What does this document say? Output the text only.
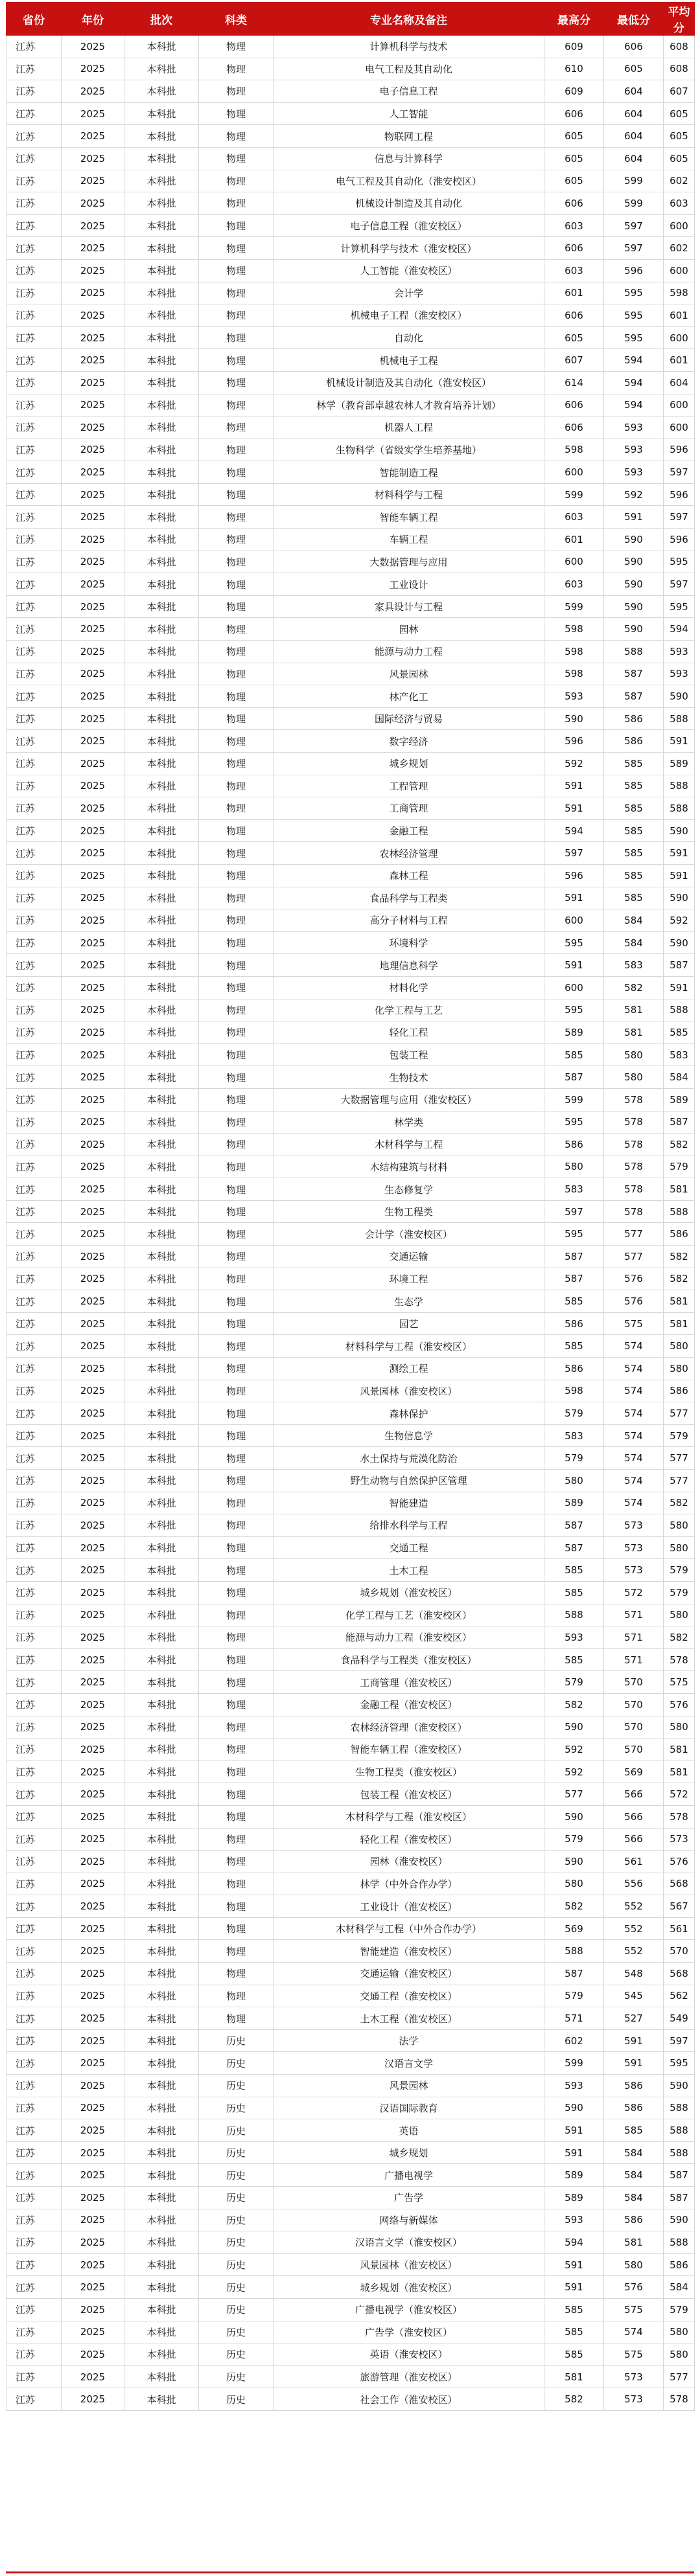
省份	年份	批次	科类	专业名称及备注	最高分	最低分	平均分
江苏	2025	本科批	物理	计算机科学与技术	609	606	608
江苏	2025	本科批	物理	电气工程及其自动化	610	605	608
江苏	2025	本科批	物理	电子信息工程	609	604	607
江苏	2025	本科批	物理	人工智能	606	604	605
江苏	2025	本科批	物理	物联网工程	605	604	605
江苏	2025	本科批	物理	信息与计算科学	605	604	605
江苏	2025	本科批	物理	电气工程及其自动化（淮安校区）	605	599	602
江苏	2025	本科批	物理	机械设计制造及其自动化	606	599	603
江苏	2025	本科批	物理	电子信息工程（淮安校区）	603	597	600
江苏	2025	本科批	物理	计算机科学与技术（淮安校区）	606	597	602
江苏	2025	本科批	物理	人工智能（淮安校区）	603	596	600
江苏	2025	本科批	物理	会计学	601	595	598
江苏	2025	本科批	物理	机械电子工程（淮安校区）	606	595	601
江苏	2025	本科批	物理	自动化	605	595	600
江苏	2025	本科批	物理	机械电子工程	607	594	601
江苏	2025	本科批	物理	机械设计制造及其自动化（淮安校区）	614	594	604
江苏	2025	本科批	物理	林学（教育部卓越农林人才教育培养计划）	606	594	600
江苏	2025	本科批	物理	机器人工程	606	593	600
江苏	2025	本科批	物理	生物科学（省级实学生培养基地）	598	593	596
江苏	2025	本科批	物理	智能制造工程	600	593	597
江苏	2025	本科批	物理	材料科学与工程	599	592	596
江苏	2025	本科批	物理	智能车辆工程	603	591	597
江苏	2025	本科批	物理	车辆工程	601	590	596
江苏	2025	本科批	物理	大数据管理与应用	600	590	595
江苏	2025	本科批	物理	工业设计	603	590	597
江苏	2025	本科批	物理	家具设计与工程	599	590	595
江苏	2025	本科批	物理	园林	598	590	594
江苏	2025	本科批	物理	能源与动力工程	598	588	593
江苏	2025	本科批	物理	风景园林	598	587	593
江苏	2025	本科批	物理	林产化工	593	587	590
江苏	2025	本科批	物理	国际经济与贸易	590	586	588
江苏	2025	本科批	物理	数字经济	596	586	591
江苏	2025	本科批	物理	城乡规划	592	585	589
江苏	2025	本科批	物理	工程管理	591	585	588
江苏	2025	本科批	物理	工商管理	591	585	588
江苏	2025	本科批	物理	金融工程	594	585	590
江苏	2025	本科批	物理	农林经济管理	597	585	591
江苏	2025	本科批	物理	森林工程	596	585	591
江苏	2025	本科批	物理	食品科学与工程类	591	585	590
江苏	2025	本科批	物理	高分子材料与工程	600	584	592
江苏	2025	本科批	物理	环境科学	595	584	590
江苏	2025	本科批	物理	地理信息科学	591	583	587
江苏	2025	本科批	物理	材料化学	600	582	591
江苏	2025	本科批	物理	化学工程与工艺	595	581	588
江苏	2025	本科批	物理	轻化工程	589	581	585
江苏	2025	本科批	物理	包装工程	585	580	583
江苏	2025	本科批	物理	生物技术	587	580	584
江苏	2025	本科批	物理	大数据管理与应用（淮安校区）	599	578	589
江苏	2025	本科批	物理	林学类	595	578	587
江苏	2025	本科批	物理	木材科学与工程	586	578	582
江苏	2025	本科批	物理	木结构建筑与材料	580	578	579
江苏	2025	本科批	物理	生态修复学	583	578	581
江苏	2025	本科批	物理	生物工程类	597	578	588
江苏	2025	本科批	物理	会计学（淮安校区）	595	577	586
江苏	2025	本科批	物理	交通运输	587	577	582
江苏	2025	本科批	物理	环境工程	587	576	582
江苏	2025	本科批	物理	生态学	585	576	581
江苏	2025	本科批	物理	园艺	586	575	581
江苏	2025	本科批	物理	材料科学与工程（淮安校区）	585	574	580
江苏	2025	本科批	物理	测绘工程	586	574	580
江苏	2025	本科批	物理	风景园林（淮安校区）	598	574	586
江苏	2025	本科批	物理	森林保护	579	574	577
江苏	2025	本科批	物理	生物信息学	583	574	579
江苏	2025	本科批	物理	水土保持与荒漠化防治	579	574	577
江苏	2025	本科批	物理	野生动物与自然保护区管理	580	574	577
江苏	2025	本科批	物理	智能建造	589	574	582
江苏	2025	本科批	物理	给排水科学与工程	587	573	580
江苏	2025	本科批	物理	交通工程	587	573	580
江苏	2025	本科批	物理	土木工程	585	573	579
江苏	2025	本科批	物理	城乡规划（淮安校区）	585	572	579
江苏	2025	本科批	物理	化学工程与工艺（淮安校区）	588	571	580
江苏	2025	本科批	物理	能源与动力工程（淮安校区）	593	571	582
江苏	2025	本科批	物理	食品科学与工程类（淮安校区）	585	571	578
江苏	2025	本科批	物理	工商管理（淮安校区）	579	570	575
江苏	2025	本科批	物理	金融工程（淮安校区）	582	570	576
江苏	2025	本科批	物理	农林经济管理（淮安校区）	590	570	580
江苏	2025	本科批	物理	智能车辆工程（淮安校区）	592	570	581
江苏	2025	本科批	物理	生物工程类（淮安校区）	592	569	581
江苏	2025	本科批	物理	包装工程（淮安校区）	577	566	572
江苏	2025	本科批	物理	木材科学与工程（淮安校区）	590	566	578
江苏	2025	本科批	物理	轻化工程（淮安校区）	579	566	573
江苏	2025	本科批	物理	园林（淮安校区）	590	561	576
江苏	2025	本科批	物理	林学（中外合作办学）	580	556	568
江苏	2025	本科批	物理	工业设计（淮安校区）	582	552	567
江苏	2025	本科批	物理	木材科学与工程（中外合作办学）	569	552	561
江苏	2025	本科批	物理	智能建造（淮安校区）	588	552	570
江苏	2025	本科批	物理	交通运输（淮安校区）	587	548	568
江苏	2025	本科批	物理	交通工程（淮安校区）	579	545	562
江苏	2025	本科批	物理	土木工程（淮安校区）	571	527	549
江苏	2025	本科批	历史	法学	602	591	597
江苏	2025	本科批	历史	汉语言文学	599	591	595
江苏	2025	本科批	历史	风景园林	593	586	590
江苏	2025	本科批	历史	汉语国际教育	590	586	588
江苏	2025	本科批	历史	英语	591	585	588
江苏	2025	本科批	历史	城乡规划	591	584	588
江苏	2025	本科批	历史	广播电视学	589	584	587
江苏	2025	本科批	历史	广告学	589	584	587
江苏	2025	本科批	历史	网络与新媒体	593	586	590
江苏	2025	本科批	历史	汉语言文学（淮安校区）	594	581	588
江苏	2025	本科批	历史	风景园林（淮安校区）	591	580	586
江苏	2025	本科批	历史	城乡规划（淮安校区）	591	576	584
江苏	2025	本科批	历史	广播电视学（淮安校区）	585	575	579
江苏	2025	本科批	历史	广告学（淮安校区）	585	574	580
江苏	2025	本科批	历史	英语（淮安校区）	585	575	580
江苏	2025	本科批	历史	旅游管理（淮安校区）	581	573	577
江苏	2025	本科批	历史	社会工作（淮安校区）	582	573	578
